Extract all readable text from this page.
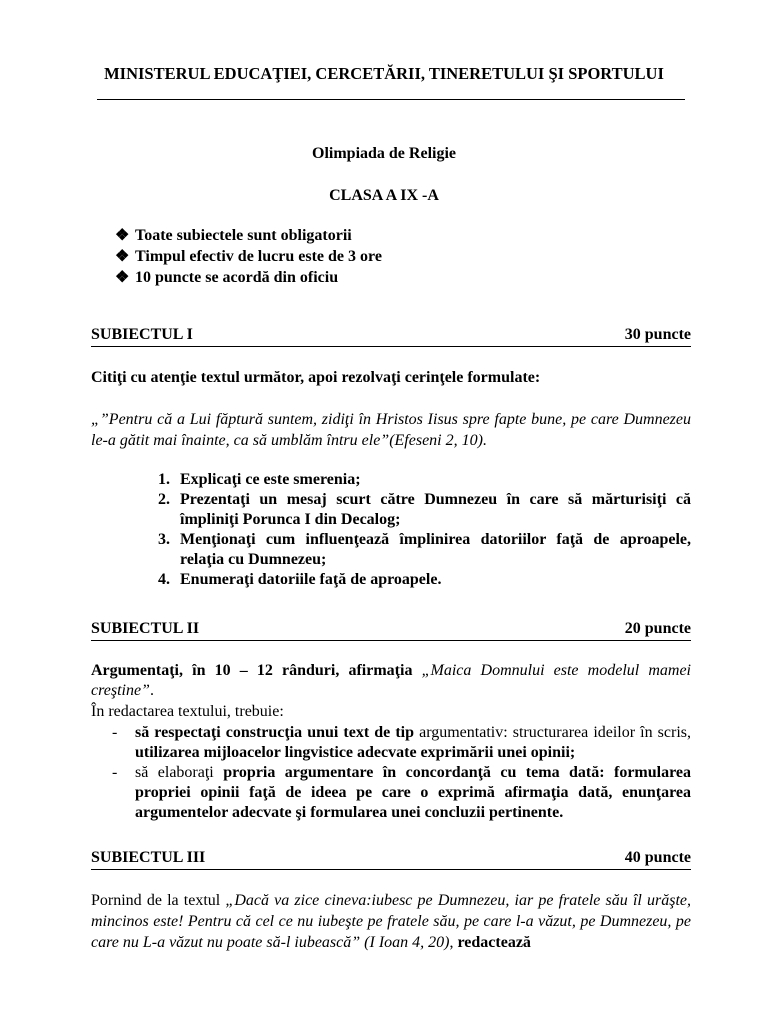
MINISTERUL EDUCAŢIEI, CERCETĂRII, TINERETULUI ŞI SPORTULUI
Olimpiada de Religie
CLASA A IX -A
❖ Toate subiectele sunt obligatorii
❖ Timpul efectiv de lucru este de 3 ore
❖ 10 puncte se acordă din oficiu
SUBIECTUL I	30 puncte
Citiţi cu atenţie textul următor, apoi rezolvaţi cerinţele formulate:
„”Pentru că a Lui făptură suntem, zidiţi în Hristos Iisus spre fapte bune, pe care Dumnezeu le-a gătit mai înainte, ca să umblăm întru ele”(Efeseni 2, 10).
1. Explicaţi ce este smerenia;
2. Prezentaţi un mesaj scurt către Dumnezeu în care să mărturisiţi că împliniţi Porunca I din Decalog;
3. Menţionaţi cum influenţează împlinirea datoriilor faţă de aproapele, relaţia cu Dumnezeu;
4. Enumeraţi datoriile faţă de aproapele.
SUBIECTUL II	20 puncte
Argumentaţi, în 10 – 12 rânduri, afirmaţia „Maica Domnului este modelul mamei creştine”.
În redactarea textului, trebuie:
- să respectaţi construcţia unui text de tip argumentativ: structurarea ideilor în scris, utilizarea mijloacelor lingvistice adecvate exprimării unei opinii;
- să elaboraţi propria argumentare în concordanţă cu tema dată: formularea propriei opinii faţă de ideea pe care o exprimă afirmaţia dată, enunţarea argumentelor adecvate şi formularea unei concluzii pertinente.
SUBIECTUL III	40 puncte
Pornind de la textul „Dacă va zice cineva:iubesc pe Dumnezeu, iar pe fratele său îl urăşte, mincinos este! Pentru că cel ce nu iubeşte pe fratele său, pe care l-a văzut, pe Dumnezeu, pe care nu L-a văzut nu poate să-l iubească” (I Ioan 4, 20), redactează
